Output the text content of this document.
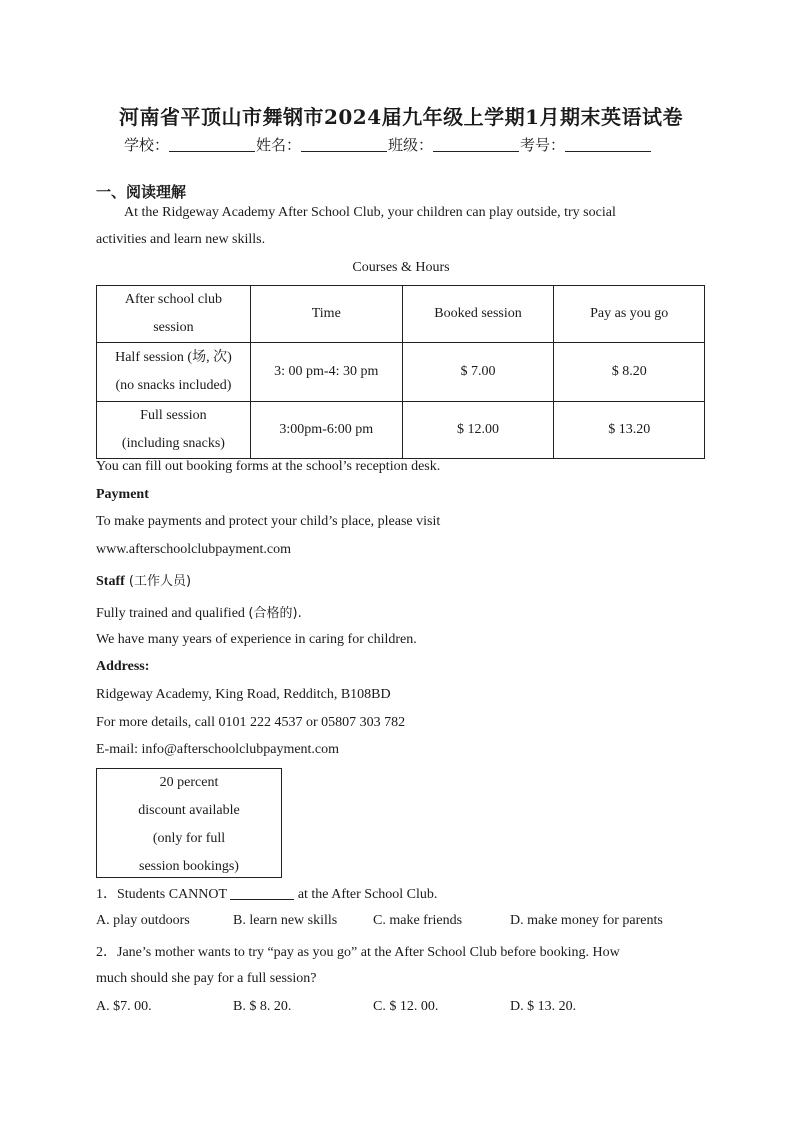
河南省平顶山市舞钢市2024届九年级上学期1月期末英语试卷
学校：	姓名：	班级：	考号：
一、阅读理解
At the Ridgeway Academy After School Club, your children can play outside, try social
activities and learn new skills.
Courses & Hours
After school club
session	Time	Booked session	Pay as you go

Half session (场, 次)
(no snacks included)	3: 00 pm-4: 30 pm	$ 7.00	$ 8.20

Full session
(including snacks)	3:00pm-6:00 pm	$ 12.00	$ 13.20
You can fill out booking forms at the school’s reception desk.
Payment
To make payments and protect your child’s place, please visit
www.afterschoolclubpayment.com
Staff (工作人员)
Fully trained and qualified (合格的).
We have many years of experience in caring for children.
Address:
Ridgeway Academy, King Road, Redditch, B108BD
For more details, call 0101 222 4537 or 05807 303 782
E-mail: info@afterschoolclubpayment.com
20 percent
discount available
(only for full
session bookings)
1．Students CANNOT	at the After School Club.
A. play outdoors	B. learn new skills	C. make friends	D. make money for parents
2．Jane’s mother wants to try “pay as you go” at the After School Club before booking. How
much should she pay for a full session?
A. $7. 00.	B. $ 8. 20.	C. $ 12. 00.	D. $ 13. 20.
